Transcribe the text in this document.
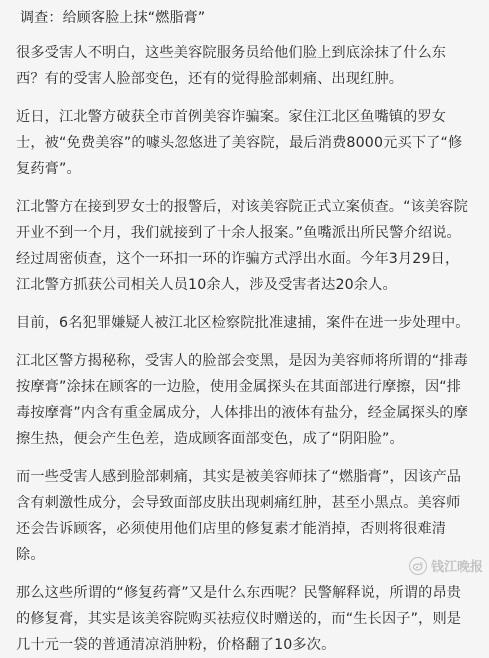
调查：给顾客脸上抹“燃脂膏”

很多受害人不明白，这些美容院服务员给他们脸上到底涂抹了什么东西？有的受害人脸部变色，还有的觉得脸部刺痛、出现红肿。

近日，江北警方破获全市首例美容诈骗案。家住江北区鱼嘴镇的罗女士，被“免费美容”的噱头忽悠进了美容院，最后消费8000元买下了“修复药膏”。

江北警方在接到罗女士的报警后，对该美容院正式立案侦查。“该美容院开业不到一个月，我们就接到了十余人报案。”鱼嘴派出所民警介绍说。经过周密侦查，这个一环扣一环的诈骗方式浮出水面。今年3月29日，江北警方抓获公司相关人员10余人，涉及受害者达20余人。

目前，6名犯罪嫌疑人被江北区检察院批准逮捕，案件在进一步处理中。

江北区警方揭秘称，受害人的脸部会变黑，是因为美容师将所谓的“排毒按摩膏”涂抹在顾客的一边脸，使用金属探头在其面部进行摩擦，因“排毒按摩膏”内含有重金属成分，人体排出的液体有盐分，经金属探头的摩擦生热，便会产生色差，造成顾客面部变色，成了“阴阳脸”。

而一些受害人感到脸部刺痛，其实是被美容师抹了“燃脂膏”，因该产品含有刺激性成分，会导致面部皮肤出现刺痛红肿，甚至小黑点。美容师还会告诉顾客，必须使用他们店里的修复素才能消掉，否则将很难清除。

那么这些所谓的“修复药膏”又是什么东西呢？民警解释说，所谓的昂贵的修复膏，其实是该美容院购买祛痘仪时赠送的，而“生长因子”，则是几十元一袋的普通清凉消肿粉，价格翻了10多次。

钱江晚报
